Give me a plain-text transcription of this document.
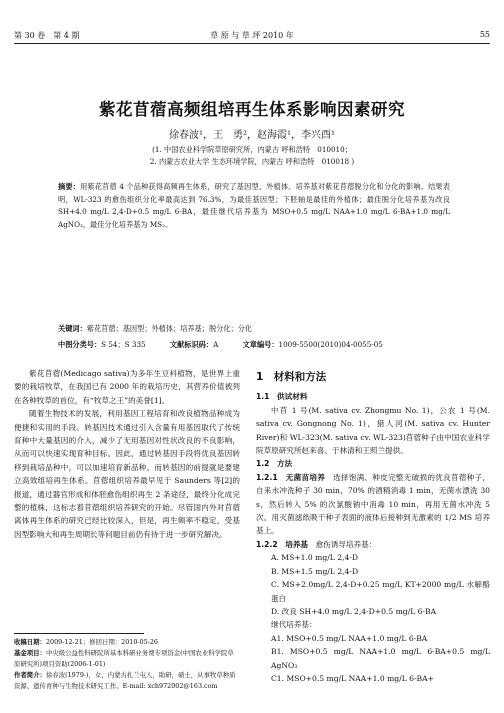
第 30 卷　第 4 期	草 原 与 草 坪 2010 年	55
紫花苜蓿高频组培再生体系影响因素研究
徐春波¹，王　勇²，赵海霞¹，李兴酉¹
(1. 中国农业科学院草原研究所，内蒙古 呼和浩特　010010；
2. 内蒙古农业大学 生态环境学院，内蒙古 呼和浩特　010018 )
摘要：用紫花苜蓿 4 个品种获得高频再生体系，研究了基因型、外植体、培养基对紫花苜蓿脱分化和分化的影响。结果表明，WL-323 的愈伤组织分化率最高达到 76.3%，为最佳基因型；下胚轴是最佳的外植体；最佳脱分化培养基为改良 SH+4.0 mg/L 2,4-D+0.5 mg/L 6-BA，最佳继代培养基为 MSO+0.5 mg/L NAA+1.0 mg/L 6-BA+1.0 mg/L AgNO₃，最佳分化培养基为 MS₂。
关键词：紫花苜蓿；基因型；外植体；培养基；脱分化；分化
中图分类号：S 54；S 335	文献标识码：A	文章编号：1009-5500(2010)04-0055-05

紫花苜蓿(Medicago sativa)为多年生豆科植物，是世界上重要的栽培牧草，在我国已有 2000 年的栽培历史，其营养价值被列在各种牧草的首位，有“牧草之王”的美誉[1]。

随着生物技术的发展，利用基因工程培育和改良植物品种成为便捷和实用的手段。转基因技术通过引入含量有用基因取代了传统育种中大量基因的介入，减少了无用基因对性状改良的不良影响，从而可以快速实现育种目标。因此，通过转基因手段将优良基因转移到栽培品种中，可以加速培育新品种。而转基因的前提就是要建立高效组培再生体系。苜蓿组织培养最早见于 Saunders 等[2]的报道，通过器官形成和体胚愈伤组织再生 2 条途径，最终分化成完整的植株，这标志着苜蓿组织培养研究的开始。尽管国内外对苜蓿离体再生体系的研究已经比较深入，但是，再生频率不稳定，受基因型影响大和再生周期长等问题目前仍有待于进一步研究解决。

收稿日期：2009-12-21；修回日期：2010-05-26
基金项目：中央级公益性科研院所基本科研业务费专项资金(中国农业科学院草原研究所)项目资助(2006-1-01)
作者简介：徐春波(1979-)，女，内蒙古扎兰屯人，助研，硕士，从事牧草种质资源、遗传育种与生物技术研究工作。E-mail: xch972002@163.com
1　材料和方法
1.1　供试材料
中苜 1 号(M. sativa cv. Zhongmu No. 1)，公农 1 号(M. sativa cv. Gongnong No. 1)，猎人河(M. sativa cv. Hunter River)和 WL-323(M. sativa cv. WL-323)苜蓿种子由中国农业科学院草原研究所赵来喜、于林清和王照兰提供。
1.2　方法
1.2.1　无菌苗培养　 选择饱满、种皮完整无破损的优良苜蓿种子，自来水冲洗种子 30 min，70% 的酒精消毒 1 min，无菌水漂洗 30 s，然后转入 5% 的次氯酸钠中消毒 10 min，再用无菌水冲洗 5 次。用灭菌滤纸吸干种子表面的液体后接种到无激素的 1/2 MS 培养基上。
1.2.2　培养基　 愈伤诱导培养基：
A. MS+1.0 mg/L 2,4-D
B. MS+1.5 mg/L 2,4-D
C. MS+2.0mg/L 2,4-D+0.25 mg/L KT+2000 mg/L 水解酪蛋白
D. 改良 SH+4.0 mg/L 2,4-D+0.5 mg/L 6-BA
继代培养基：
A1. MSO+0.5 mg/L NAA+1.0 mg/L 6-BA
B1. MSO+0.5 mg/L NAA+1.0 mg/L 6-BA+0.5 mg/L AgNO₃
C1. MSO+0.5 mg/L NAA+1.0 mg/L 6-BA+
